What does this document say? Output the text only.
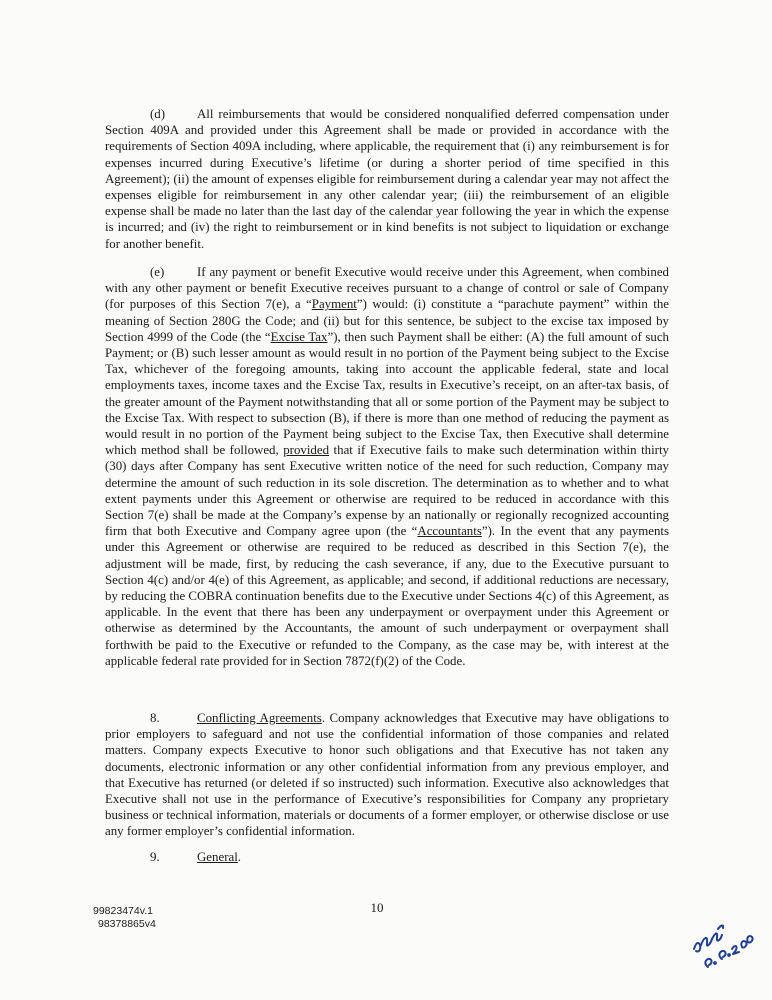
(d) All reimbursements that would be considered nonqualified deferred compensation under Section 409A and provided under this Agreement shall be made or provided in accordance with the requirements of Section 409A including, where applicable, the requirement that (i) any reimbursement is for expenses incurred during Executive’s lifetime (or during a shorter period of time specified in this Agreement); (ii) the amount of expenses eligible for reimbursement during a calendar year may not affect the expenses eligible for reimbursement in any other calendar year; (iii) the reimbursement of an eligible expense shall be made no later than the last day of the calendar year following the year in which the expense is incurred; and (iv) the right to reimbursement or in kind benefits is not subject to liquidation or exchange for another benefit.

(e)	If any payment or benefit Executive would receive under this Agreement, when combined with any other payment or benefit Executive receives pursuant to a change of control or sale of Company (for purposes of this Section 7(e), a “Payment”) would: (i) constitute a “parachute payment” within the meaning of Section 280G the Code; and (ii) but for this sentence, be subject to the excise tax imposed by Section 4999 of the Code (the “Excise Tax”), then such Payment shall be either: (A) the full amount of such Payment; or (B) such lesser amount as would result in no portion of the Payment being subject to the Excise Tax, whichever of the foregoing amounts, taking into account the applicable federal, state and local employments taxes, income taxes and the Excise Tax, results in Executive’s receipt, on an after-tax basis, of the greater amount of the Payment notwithstanding that all or some portion of the Payment may be subject to the Excise Tax. With respect to subsection (B), if there is more than one method of reducing the payment as would result in no portion of the Payment being subject to the Excise Tax, then Executive shall determine which method shall be followed, provided that if Executive fails to make such determination within thirty (30) days after Company has sent Executive written notice of the need for such reduction, Company may determine the amount of such reduction in its sole discretion. The determination as to whether and to what extent payments under this Agreement or otherwise are required to be reduced in accordance with this Section 7(e) shall be made at the Company’s expense by an nationally or regionally recognized accounting firm that both Executive and Company agree upon (the “Accountants”). In the event that any payments under this Agreement or otherwise are required to be reduced as described in this Section 7(e), the adjustment will be made, first, by reducing the cash severance, if any, due to the Executive pursuant to Section 4(c) and/or 4(e) of this Agreement, as applicable; and second, if additional reductions are necessary, by reducing the COBRA continuation benefits due to the Executive under Sections 4(c) of this Agreement, as applicable. In the event that there has been any underpayment or overpayment under this Agreement or otherwise as determined by the Accountants, the amount of such underpayment or overpayment shall forthwith be paid to the Executive or refunded to the Company, as the case may be, with interest at the applicable federal rate provided for in Section 7872(f)(2) of the Code.

8.	Conflicting Agreements. Company acknowledges that Executive may have obligations to prior employers to safeguard and not use the confidential information of those companies and related matters. Company expects Executive to honor such obligations and that Executive has not taken any documents, electronic information or any other confidential information from any previous employer, and that Executive has returned (or deleted if so instructed) such information. Executive also acknowledges that Executive shall not use in the performance of Executive’s responsibilities for Company any proprietary business or technical information, materials or documents of a former employer, or otherwise disclose or use any former employer’s confidential information.

9.	General.

10
99823474v.1
98378865v4
